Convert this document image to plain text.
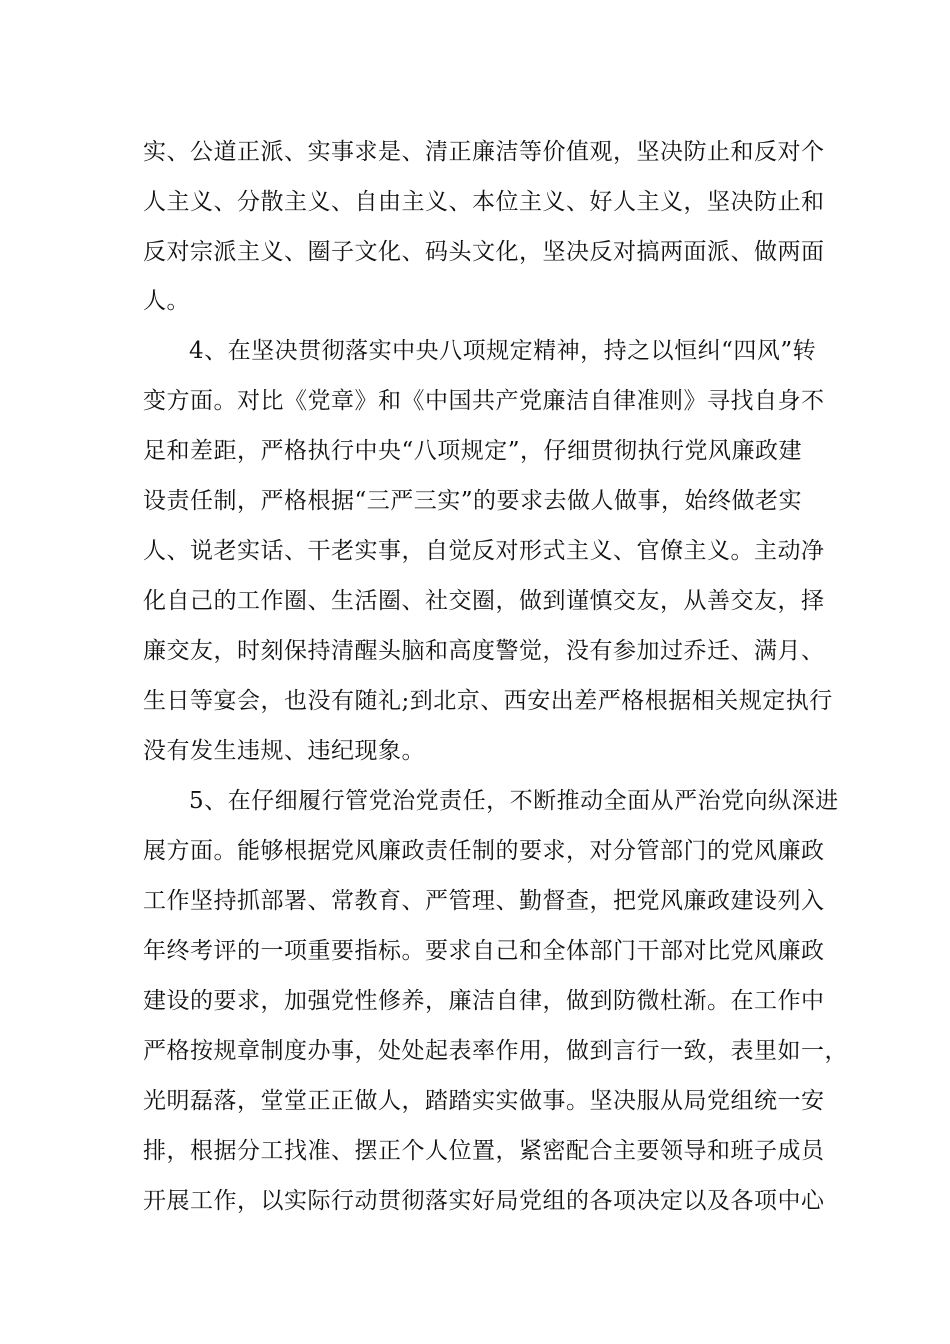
实、公道正派、实事求是、清正廉洁等价值观，坚决防止和反对个
人主义、分散主义、自由主义、本位主义、好人主义，坚决防止和
反对宗派主义、圈子文化、码头文化，坚决反对搞两面派、做两面
人。
4、在坚决贯彻落实中央八项规定精神，持之以恒纠“四风”转
变方面。对比《党章》和《中国共产党廉洁自律准则》寻找自身不
足和差距，严格执行中央“八项规定”，仔细贯彻执行党风廉政建
设责任制，严格根据“三严三实”的要求去做人做事，始终做老实
人、说老实话、干老实事，自觉反对形式主义、官僚主义。主动净
化自己的工作圈、生活圈、社交圈，做到谨慎交友，从善交友，择
廉交友，时刻保持清醒头脑和高度警觉，没有参加过乔迁、满月、
生日等宴会，也没有随礼;到北京、西安出差严格根据相关规定执行
没有发生违规、违纪现象。
5、在仔细履行管党治党责任，不断推动全面从严治党向纵深进
展方面。能够根据党风廉政责任制的要求，对分管部门的党风廉政
工作坚持抓部署、常教育、严管理、勤督查，把党风廉政建设列入
年终考评的一项重要指标。要求自己和全体部门干部对比党风廉政
建设的要求，加强党性修养，廉洁自律，做到防微杜渐。在工作中
严格按规章制度办事，处处起表率作用，做到言行一致，表里如一，
光明磊落，堂堂正正做人，踏踏实实做事。坚决服从局党组统一安
排，根据分工找准、摆正个人位置，紧密配合主要领导和班子成员
开展工作，以实际行动贯彻落实好局党组的各项决定以及各项中心
